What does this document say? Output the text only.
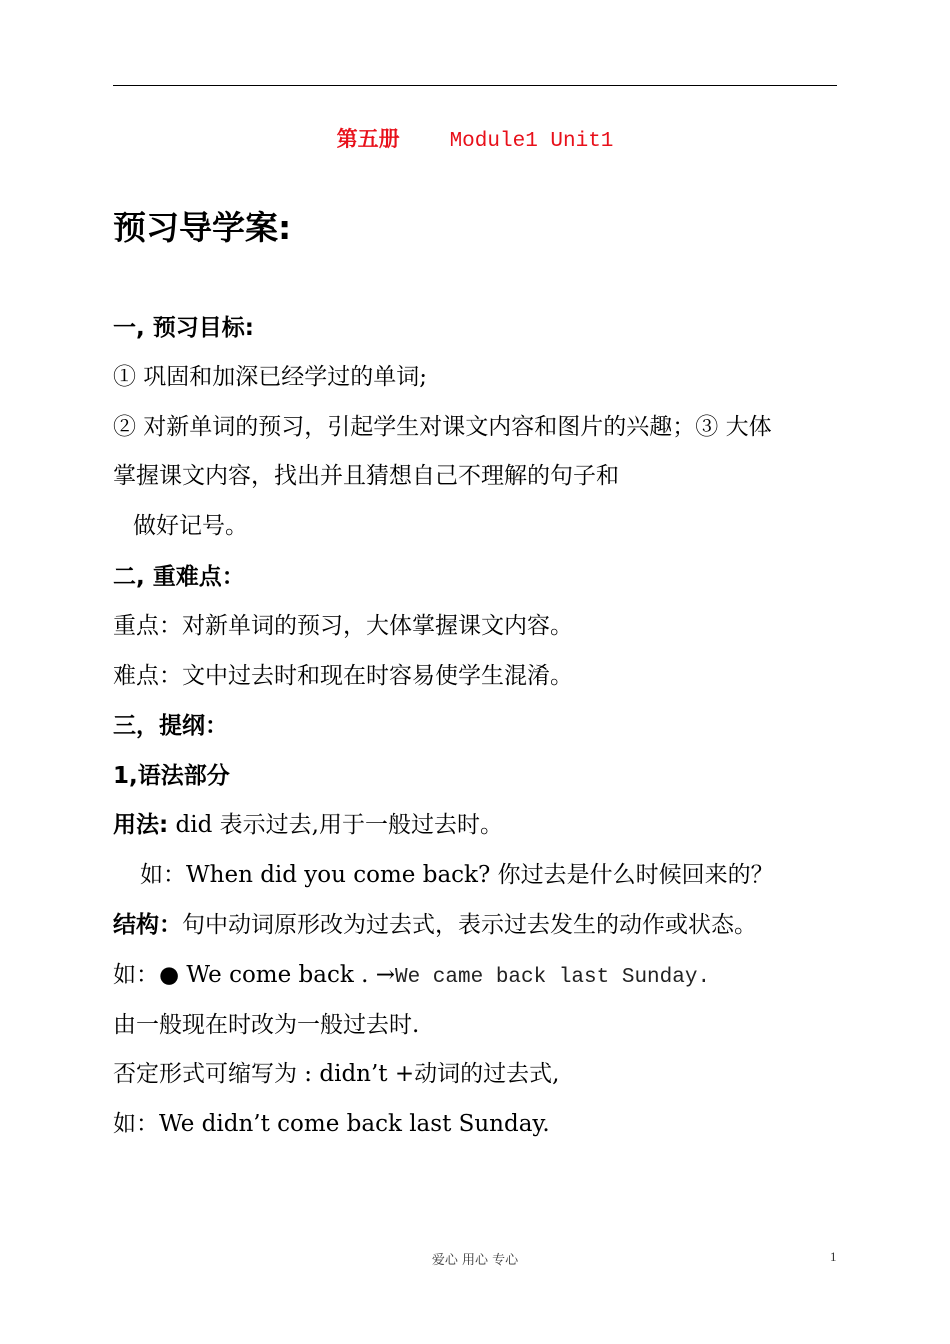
第五册 Module1 Unit1
预习导学案:
一, 预习目标:
① 巩固和加深已经学过的单词;
② 对新单词的预习，引起学生对课文内容和图片的兴趣；③ 大体
掌握课文内容，找出并且猜想自己不理解的句子和
做好记号。
二, 重难点：
重点：对新单词的预习，大体掌握课文内容。
难点：文中过去时和现在时容易使学生混淆。
三，提纲：
1,语法部分
用法: did 表示过去,用于一般过去时。
如：When did you come back? 你过去是什么时候回来的？
结构：句中动词原形改为过去式，表示过去发生的动作或状态。
如：● We come back . →We came back last Sunday.
由一般现在时改为一般过去时.
否定形式可缩写为 : didn’t +动词的过去式,
如：We didn’t come back last Sunday.
爱心 用心 专心	1
